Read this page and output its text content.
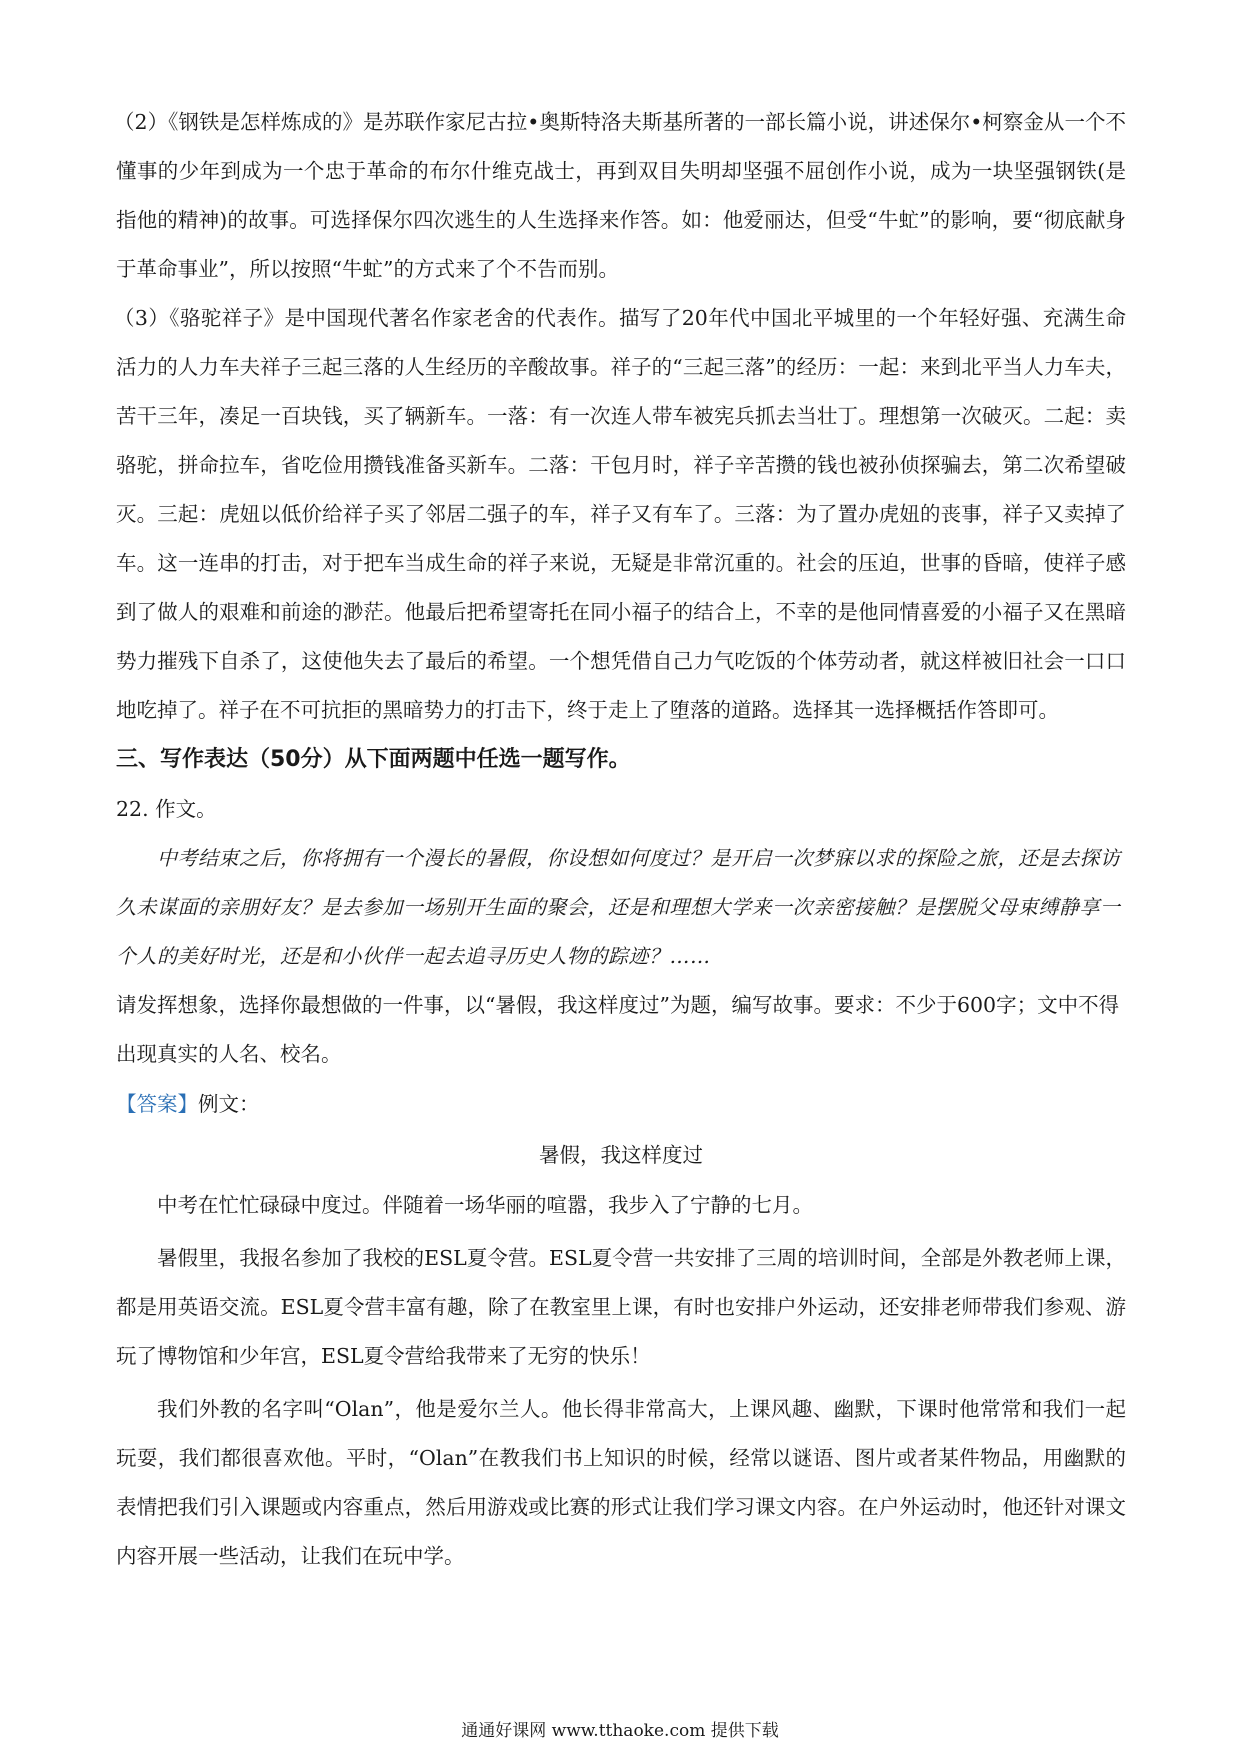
（2）《钢铁是怎样炼成的》是苏联作家尼古拉•奥斯特洛夫斯基所著的一部长篇小说，讲述保尔•柯察金从一个不懂事的少年到成为一个忠于革命的布尔什维克战士，再到双目失明却坚强不屈创作小说，成为一块坚强钢铁(是指他的精神)的故事。可选择保尔四次逃生的人生选择来作答。如：他爱丽达，但受“牛虻”的影响，要“彻底献身于革命事业”，所以按照“牛虻”的方式来了个不告而别。

（3）《骆驼祥子》是中国现代著名作家老舍的代表作。描写了20年代中国北平城里的一个年轻好强、充满生命活力的人力车夫祥子三起三落的人生经历的辛酸故事。祥子的“三起三落”的经历：一起：来到北平当人力车夫，苦干三年，凑足一百块钱，买了辆新车。一落：有一次连人带车被宪兵抓去当壮丁。理想第一次破灭。二起：卖骆驼，拼命拉车，省吃俭用攒钱准备买新车。二落：干包月时，祥子辛苦攒的钱也被孙侦探骗去，第二次希望破灭。三起：虎妞以低价给祥子买了邻居二强子的车，祥子又有车了。三落：为了置办虎妞的丧事，祥子又卖掉了车。这一连串的打击，对于把车当成生命的祥子来说，无疑是非常沉重的。社会的压迫，世事的昏暗，使祥子感到了做人的艰难和前途的渺茫。他最后把希望寄托在同小福子的结合上，不幸的是他同情喜爱的小福子又在黑暗势力摧残下自杀了，这使他失去了最后的希望。一个想凭借自己力气吃饭的个体劳动者，就这样被旧社会一口口地吃掉了。祥子在不可抗拒的黑暗势力的打击下，终于走上了堕落的道路。选择其一选择概括作答即可。

三、写作表达（50分）从下面两题中任选一题写作。

22. 作文。

中考结束之后，你将拥有一个漫长的暑假，你设想如何度过？是开启一次梦寐以求的探险之旅，还是去探访久未谋面的亲朋好友？是去参加一场别开生面的聚会，还是和理想大学来一次亲密接触？是摆脱父母束缚静享一个人的美好时光，还是和小伙伴一起去追寻历史人物的踪迹？……

请发挥想象，选择你最想做的一件事，以“暑假，我这样度过”为题，编写故事。要求：不少于600字；文中不得出现真实的人名、校名。

【答案】例文：

暑假，我这样度过

中考在忙忙碌碌中度过。伴随着一场华丽的喧嚣，我步入了宁静的七月。

暑假里，我报名参加了我校的ESL夏令营。ESL夏令营一共安排了三周的培训时间，全部是外教老师上课，都是用英语交流。ESL夏令营丰富有趣，除了在教室里上课，有时也安排户外运动，还安排老师带我们参观、游玩了博物馆和少年宫，ESL夏令营给我带来了无穷的快乐！

我们外教的名字叫“Olan”，他是爱尔兰人。他长得非常高大，上课风趣、幽默，下课时他常常和我们一起玩耍，我们都很喜欢他。平时，“Olan”在教我们书上知识的时候，经常以谜语、图片或者某件物品，用幽默的表情把我们引入课题或内容重点，然后用游戏或比赛的形式让我们学习课文内容。在户外运动时，他还针对课文内容开展一些活动，让我们在玩中学。

通通好课网 www.tthaoke.com 提供下载
